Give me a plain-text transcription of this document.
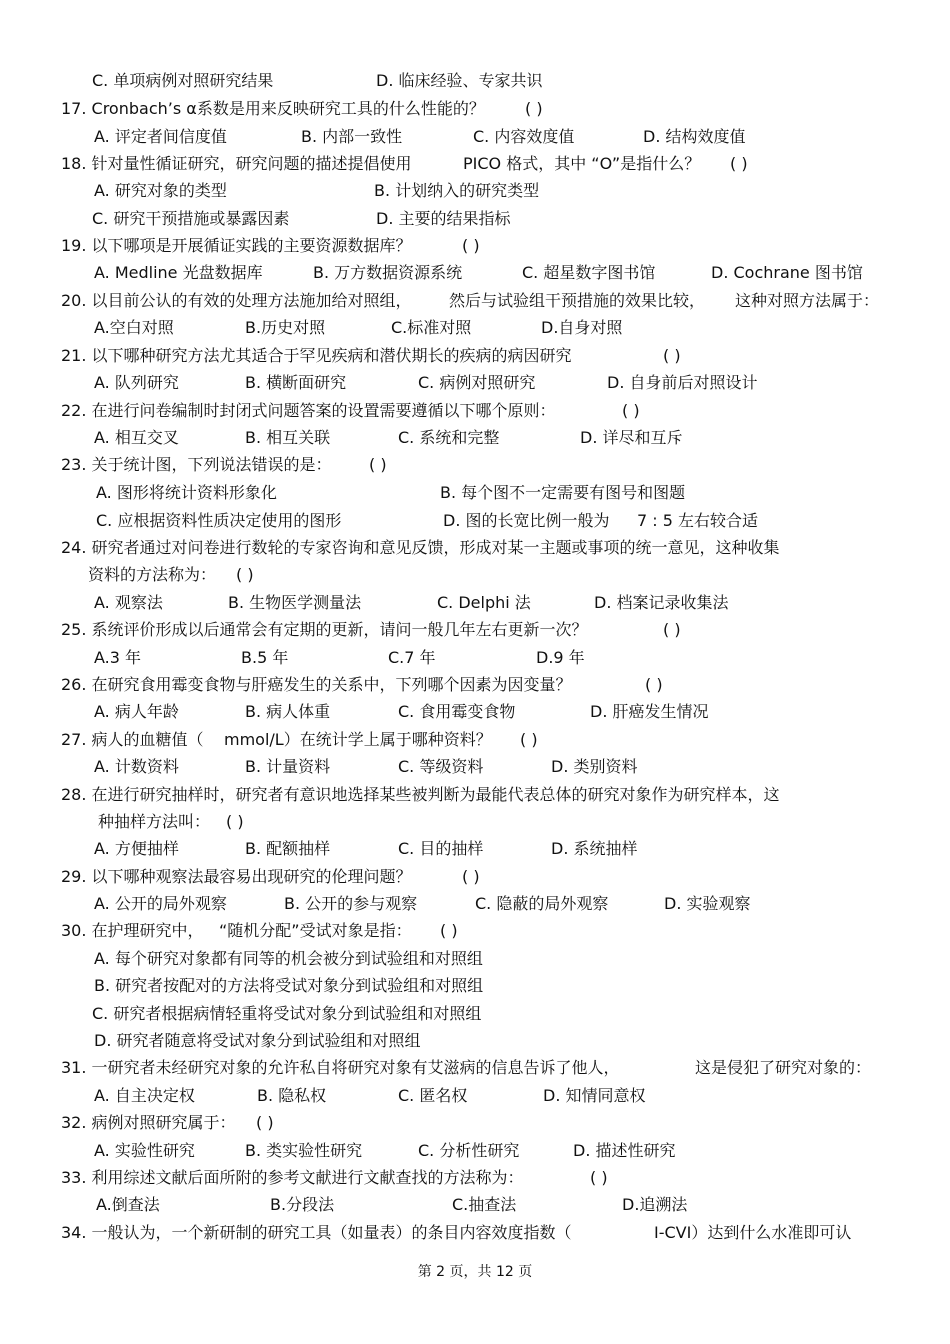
C. 单项病例对照研究结果	D. 临床经验、专家共识
17. Cronbach’s α系数是用来反映研究工具的什么性能的？	( )
A. 评定者间信度值	B. 内部一致性	C. 内容效度值	D. 结构效度值
18. 针对量性循证研究，研究问题的描述提倡使用	PICO 格式，其中 “O”是指什么？ ( )
A. 研究对象的类型	B. 计划纳入的研究类型
C. 研究干预措施或暴露因素	D. 主要的结果指标
19. 以下哪项是开展循证实践的主要资源数据库？	( )
A. Medline 光盘数据库	B. 万方数据资源系统	C. 超星数字图书馆	D. Cochrane 图书馆
20. 以目前公认的有效的处理方法施加给对照组， 然后与试验组干预措施的效果比较， 这种对照方法属于：
A.空白对照	B.历史对照	C.标准对照	D.自身对照
21. 以下哪种研究方法尤其适合于罕见疾病和潜伏期长的疾病的病因研究	( )
A. 队列研究	B. 横断面研究	C. 病例对照研究	D. 自身前后对照设计
22. 在进行问卷编制时封闭式问题答案的设置需要遵循以下哪个原则：	( )
A. 相互交叉	B. 相互关联	C. 系统和完整	D. 详尽和互斥
23. 关于统计图，下列说法错误的是： ( )
A. 图形将统计资料形象化	B. 每个图不一定需要有图号和图题
C. 应根据资料性质决定使用的图形	D. 图的长宽比例一般为 7 : 5 左右较合适
24. 研究者通过对问卷进行数轮的专家咨询和意见反馈，形成对某一主题或事项的统一意见，这种收集
资料的方法称为： ( )
A. 观察法	B. 生物医学测量法	C. Delphi 法	D. 档案记录收集法
25. 系统评价形成以后通常会有定期的更新，请问一般几年左右更新一次？	( )
A.3 年	B.5 年	C.7 年	D.9 年
26. 在研究食用霉变食物与肝癌发生的关系中，下列哪个因素为因变量？	( )
A. 病人年龄	B. 病人体重	C. 食用霉变食物	D. 肝癌发生情况
27. 病人的血糖值（ mmol/L）在统计学上属于哪种资料？ ( )
A. 计数资料	B. 计量资料	C. 等级资料	D. 类别资料
28. 在进行研究抽样时，研究者有意识地选择某些被判断为最能代表总体的研究对象作为研究样本，这
种抽样方法叫： ( )
A. 方便抽样	B. 配额抽样	C. 目的抽样	D. 系统抽样
29. 以下哪种观察法最容易出现研究的伦理问题？	( )
A. 公开的局外观察	B. 公开的参与观察	C. 隐蔽的局外观察	D. 实验观察
30. 在护理研究中， “随机分配”受试对象是指： ( )
A. 每个研究对象都有同等的机会被分到试验组和对照组
B. 研究者按配对的方法将受试对象分到试验组和对照组
C. 研究者根据病情轻重将受试对象分到试验组和对照组
D. 研究者随意将受试对象分到试验组和对照组
31. 一研究者未经研究对象的允许私自将研究对象有艾滋病的信息告诉了他人，	这是侵犯了研究对象的：
A. 自主决定权	B. 隐私权	C. 匿名权	D. 知情同意权
32. 病例对照研究属于： ( )
A. 实验性研究	B. 类实验性研究	C. 分析性研究	D. 描述性研究
33. 利用综述文献后面所附的参考文献进行文献查找的方法称为：	( )
A.倒查法	B.分段法	C.抽查法	D.追溯法
34. 一般认为，一个新研制的研究工具（如量表）的条目内容效度指数（	I-CVI）达到什么水准即可认
第 2 页，共 12 页
